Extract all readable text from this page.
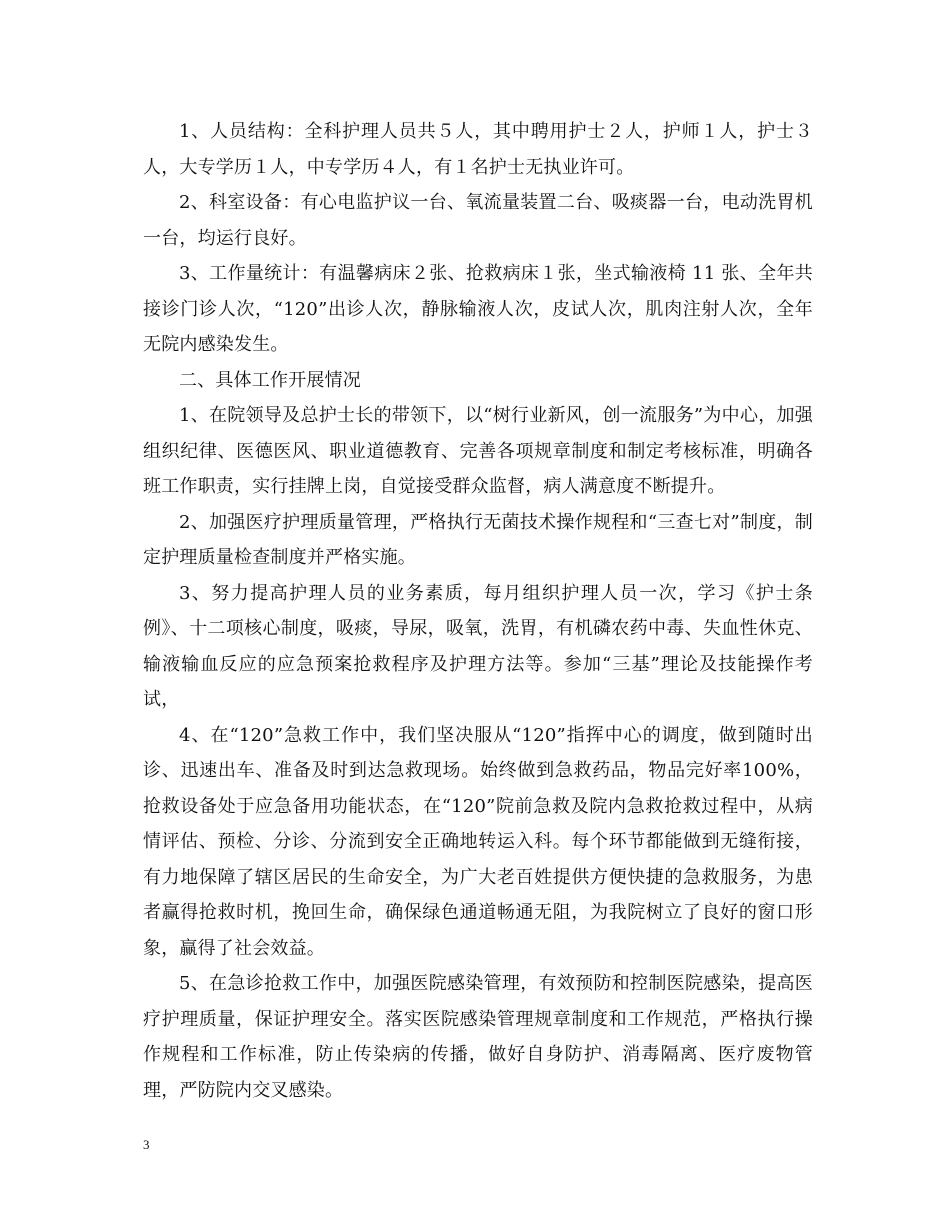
1、人员结构：全科护理人员共５人，其中聘用护士２人，护师１人，护士３人，大专学历１人，中专学历４人，有１名护士无执业许可。

2、科室设备：有心电监护议一台、氧流量装置二台、吸痰器一台，电动洗胃机一台，均运行良好。

3、工作量统计：有温馨病床２张、抢救病床１张，坐式输液椅 11 张、全年共接诊门诊人次，“120”出诊人次，静脉输液人次，皮试人次，肌肉注射人次，全年无院内感染发生。

二、具体工作开展情况

1、在院领导及总护士长的带领下，以“树行业新风，创一流服务”为中心，加强组织纪律、医德医风、职业道德教育、完善各项规章制度和制定考核标准，明确各班工作职责，实行挂牌上岗，自觉接受群众监督，病人满意度不断提升。

2、加强医疗护理质量管理，严格执行无菌技术操作规程和“三查七对”制度，制定护理质量检查制度并严格实施。

3、努力提高护理人员的业务素质，每月组织护理人员一次，学习《护士条例》、十二项核心制度，吸痰，导尿，吸氧，洗胃，有机磷农药中毒、失血性休克、输液输血反应的应急预案抢救程序及护理方法等。参加“三基”理论及技能操作考试，

4、在“120”急救工作中，我们坚决服从“120”指挥中心的调度，做到随时出诊、迅速出车、准备及时到达急救现场。始终做到急救药品，物品完好率100%，抢救设备处于应急备用功能状态，在“120”院前急救及院内急救抢救过程中，从病情评估、预检、分诊、分流到安全正确地转运入科。每个环节都能做到无缝衔接，有力地保障了辖区居民的生命安全，为广大老百姓提供方便快捷的急救服务，为患者赢得抢救时机，挽回生命，确保绿色通道畅通无阻，为我院树立了良好的窗口形象，赢得了社会效益。

5、在急诊抢救工作中，加强医院感染管理，有效预防和控制医院感染，提高医疗护理质量，保证护理安全。落实医院感染管理规章制度和工作规范，严格执行操作规程和工作标准，防止传染病的传播，做好自身防护、消毒隔离、医疗废物管理，严防院内交叉感染。

3
